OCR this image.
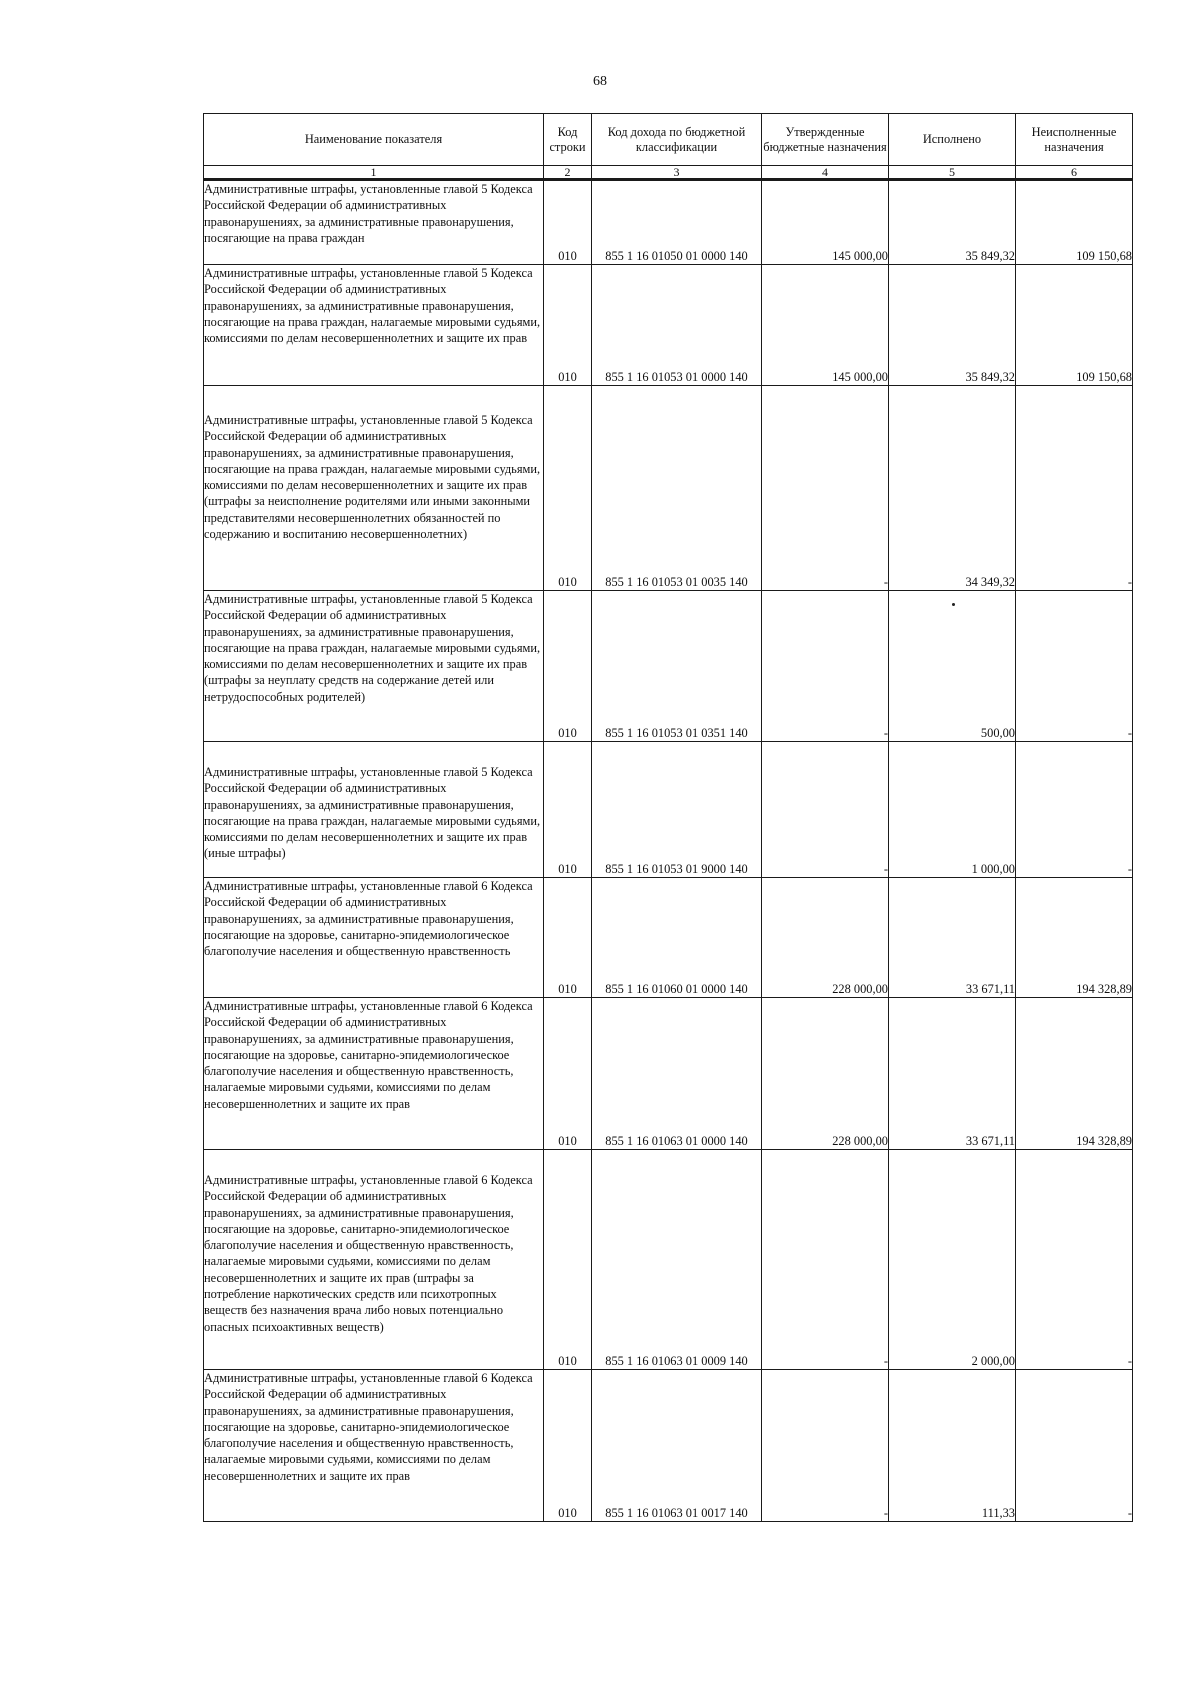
68
Наименование показателя	Код строки	Код дохода по бюджетной классификации	Утвержденные бюджетные назначения	Исполнено	Неисполненные назначения
1	2	3	4	5	6
Административные штрафы, установленные главой 5 Кодекса Российской Федерации об административных правонарушениях, за административные правонарушения, посягающие на права граждан	010	855 1 16 01050 01 0000 140	145 000,00	35 849,32	109 150,68
Административные штрафы, установленные главой 5 Кодекса Российской Федерации об административных правонарушениях, за административные правонарушения, посягающие на права граждан, налагаемые мировыми судьями, комиссиями по делам несовершеннолетних и защите их прав	010	855 1 16 01053 01 0000 140	145 000,00	35 849,32	109 150,68
Административные штрафы, установленные главой 5 Кодекса Российской Федерации об административных правонарушениях, за административные правонарушения, посягающие на права граждан, налагаемые мировыми судьями, комиссиями по делам несовершеннолетних и защите их прав (штрафы за неисполнение родителями или иными законными представителями несовершеннолетних обязанностей по содержанию и воспитанию несовершеннолетних)	010	855 1 16 01053 01 0035 140	-	34 349,32	-
Административные штрафы, установленные главой 5 Кодекса Российской Федерации об административных правонарушениях, за административные правонарушения, посягающие на права граждан, налагаемые мировыми судьями, комиссиями по делам несовершеннолетних и защите их прав (штрафы за неуплату средств на содержание детей или нетрудоспособных родителей)	010	855 1 16 01053 01 0351 140	-	500,00	-
Административные штрафы, установленные главой 5 Кодекса Российской Федерации об административных правонарушениях, за административные правонарушения, посягающие на права граждан, налагаемые мировыми судьями, комиссиями по делам несовершеннолетних и защите их прав (иные штрафы)	010	855 1 16 01053 01 9000 140	-	1 000,00	-
Административные штрафы, установленные главой 6 Кодекса Российской Федерации об административных правонарушениях, за административные правонарушения, посягающие на здоровье, санитарно-эпидемиологическое благополучие населения и общественную нравственность	010	855 1 16 01060 01 0000 140	228 000,00	33 671,11	194 328,89
Административные штрафы, установленные главой 6 Кодекса Российской Федерации об административных правонарушениях, за административные правонарушения, посягающие на здоровье, санитарно-эпидемиологическое благополучие населения и общественную нравственность, налагаемые мировыми судьями, комиссиями по делам несовершеннолетних и защите их прав	010	855 1 16 01063 01 0000 140	228 000,00	33 671,11	194 328,89
Административные штрафы, установленные главой 6 Кодекса Российской Федерации об административных правонарушениях, за административные правонарушения, посягающие на здоровье, санитарно-эпидемиологическое благополучие населения и общественную нравственность, налагаемые мировыми судьями, комиссиями по делам несовершеннолетних и защите их прав (штрафы за потребление наркотических средств или психотропных веществ без назначения врача либо новых потенциально опасных психоактивных веществ)	010	855 1 16 01063 01 0009 140	-	2 000,00	-
Административные штрафы, установленные главой 6 Кодекса Российской Федерации об административных правонарушениях, за административные правонарушения, посягающие на здоровье, санитарно-эпидемиологическое благополучие населения и общественную нравственность, налагаемые мировыми судьями, комиссиями по делам несовершеннолетних и защите их прав	010	855 1 16 01063 01 0017 140	-	111,33	-
